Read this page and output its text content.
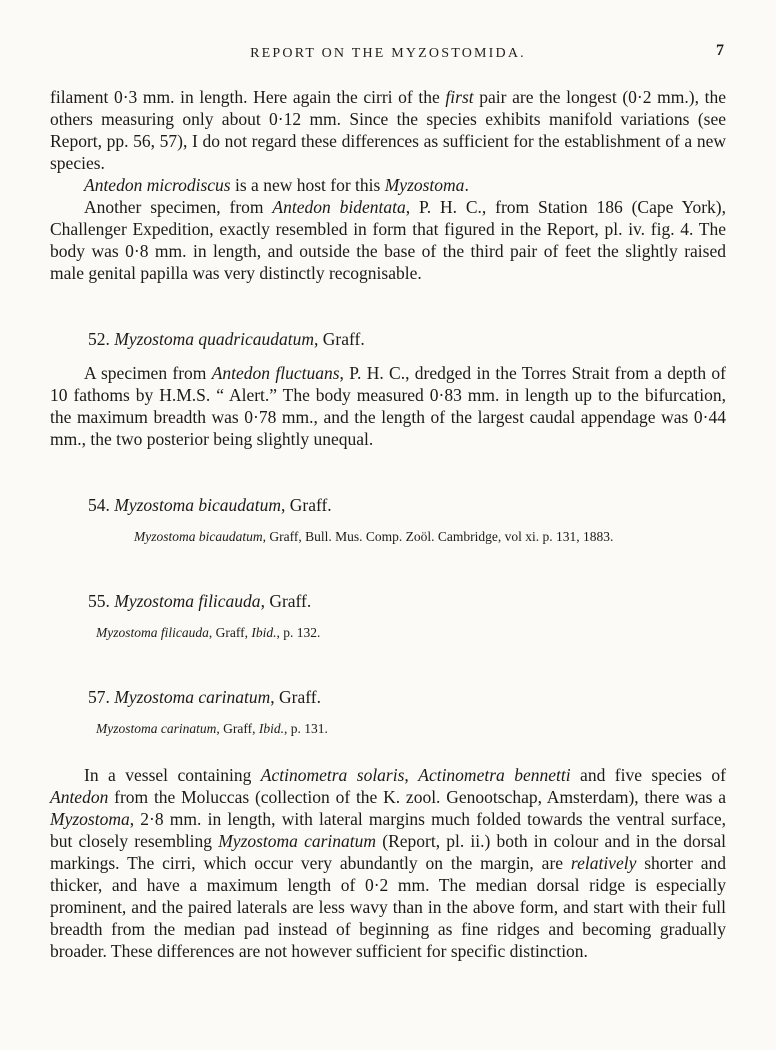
REPORT ON THE MYZOSTOMIDA.	7

filament 0·3 mm. in length. Here again the cirri of the first pair are the longest (0·2 mm.), the others measuring only about 0·12 mm. Since the species exhibits manifold variations (see Report, pp. 56, 57), I do not regard these differences as sufficient for the establishment of a new species.

Antedon microdiscus is a new host for this Myzostoma.

Another specimen, from Antedon bidentata, P. H. C., from Station 186 (Cape York), Challenger Expedition, exactly resembled in form that figured in the Report, pl. iv. fig. 4. The body was 0·8 mm. in length, and outside the base of the third pair of feet the slightly raised male genital papilla was very distinctly recognisable.

52. Myzostoma quadricaudatum, Graff.

A specimen from Antedon fluctuans, P. H. C., dredged in the Torres Strait from a depth of 10 fathoms by H.M.S. “ Alert.” The body measured 0·83 mm. in length up to the bifurcation, the maximum breadth was 0·78 mm., and the length of the largest caudal appendage was 0·44 mm., the two posterior being slightly unequal.

54. Myzostoma bicaudatum, Graff.

Myzostoma bicaudatum, Graff, Bull. Mus. Comp. Zoöl. Cambridge, vol xi. p. 131, 1883.

55. Myzostoma filicauda, Graff.

Myzostoma filicauda, Graff, Ibid., p. 132.

57. Myzostoma carinatum, Graff.

Myzostoma carinatum, Graff, Ibid., p. 131.

In a vessel containing Actinometra solaris, Actinometra bennetti and five species of Antedon from the Moluccas (collection of the K. zool. Genootschap, Amsterdam), there was a Myzostoma, 2·8 mm. in length, with lateral margins much folded towards the ventral surface, but closely resembling Myzostoma carinatum (Report, pl. ii.) both in colour and in the dorsal markings. The cirri, which occur very abundantly on the margin, are relatively shorter and thicker, and have a maximum length of 0·2 mm. The median dorsal ridge is especially prominent, and the paired laterals are less wavy than in the above form, and start with their full breadth from the median pad instead of beginning as fine ridges and becoming gradually broader. These differences are not however sufficient for specific distinction.
